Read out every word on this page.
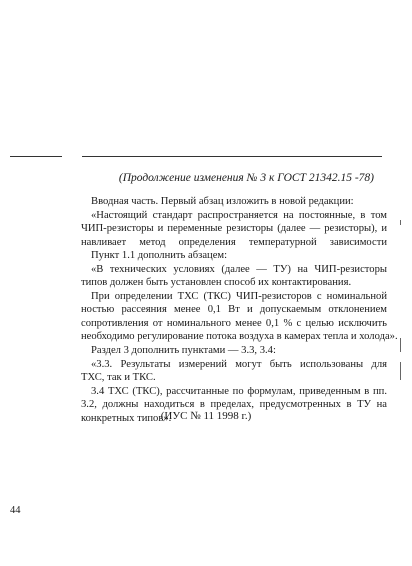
(Продолжение изменения № 3 к ГОСТ 21342.15 -78)
Вводная часть. Первый абзац изложить в новой редакции:
«Настоящий стандарт распространяется на постоянные, в том
ЧИП-резисторы и переменные резисторы (далее — резисторы), и
навливает метод определения температурной зависимости
Пункт 1.1 дополнить абзацем:
«В технических условиях (далее — ТУ) на ЧИП-резисторы
типов должен быть установлен способ их контактирования.
При определении ТХС (ТКС) ЧИП-резисторов с номинальной
ностью рассеяния менее 0,1 Вт и допускаемым отклонением
сопротивления от номинального менее 0,1 % с целью исключить
необходимо регулирование потока воздуха в камерах тепла и холода».
Раздел 3 дополнить пунктами — 3.3, 3.4:
«3.3. Результаты измерений могут быть использованы для
ТХС, так и ТКС.
3.4 ТХС (ТКС), рассчитанные по формулам, приведенным в пп.
3.2, должны находиться в пределах, предусмотренных в ТУ на
конкретных типов».
(ИУС № 11 1998 г.)
44
